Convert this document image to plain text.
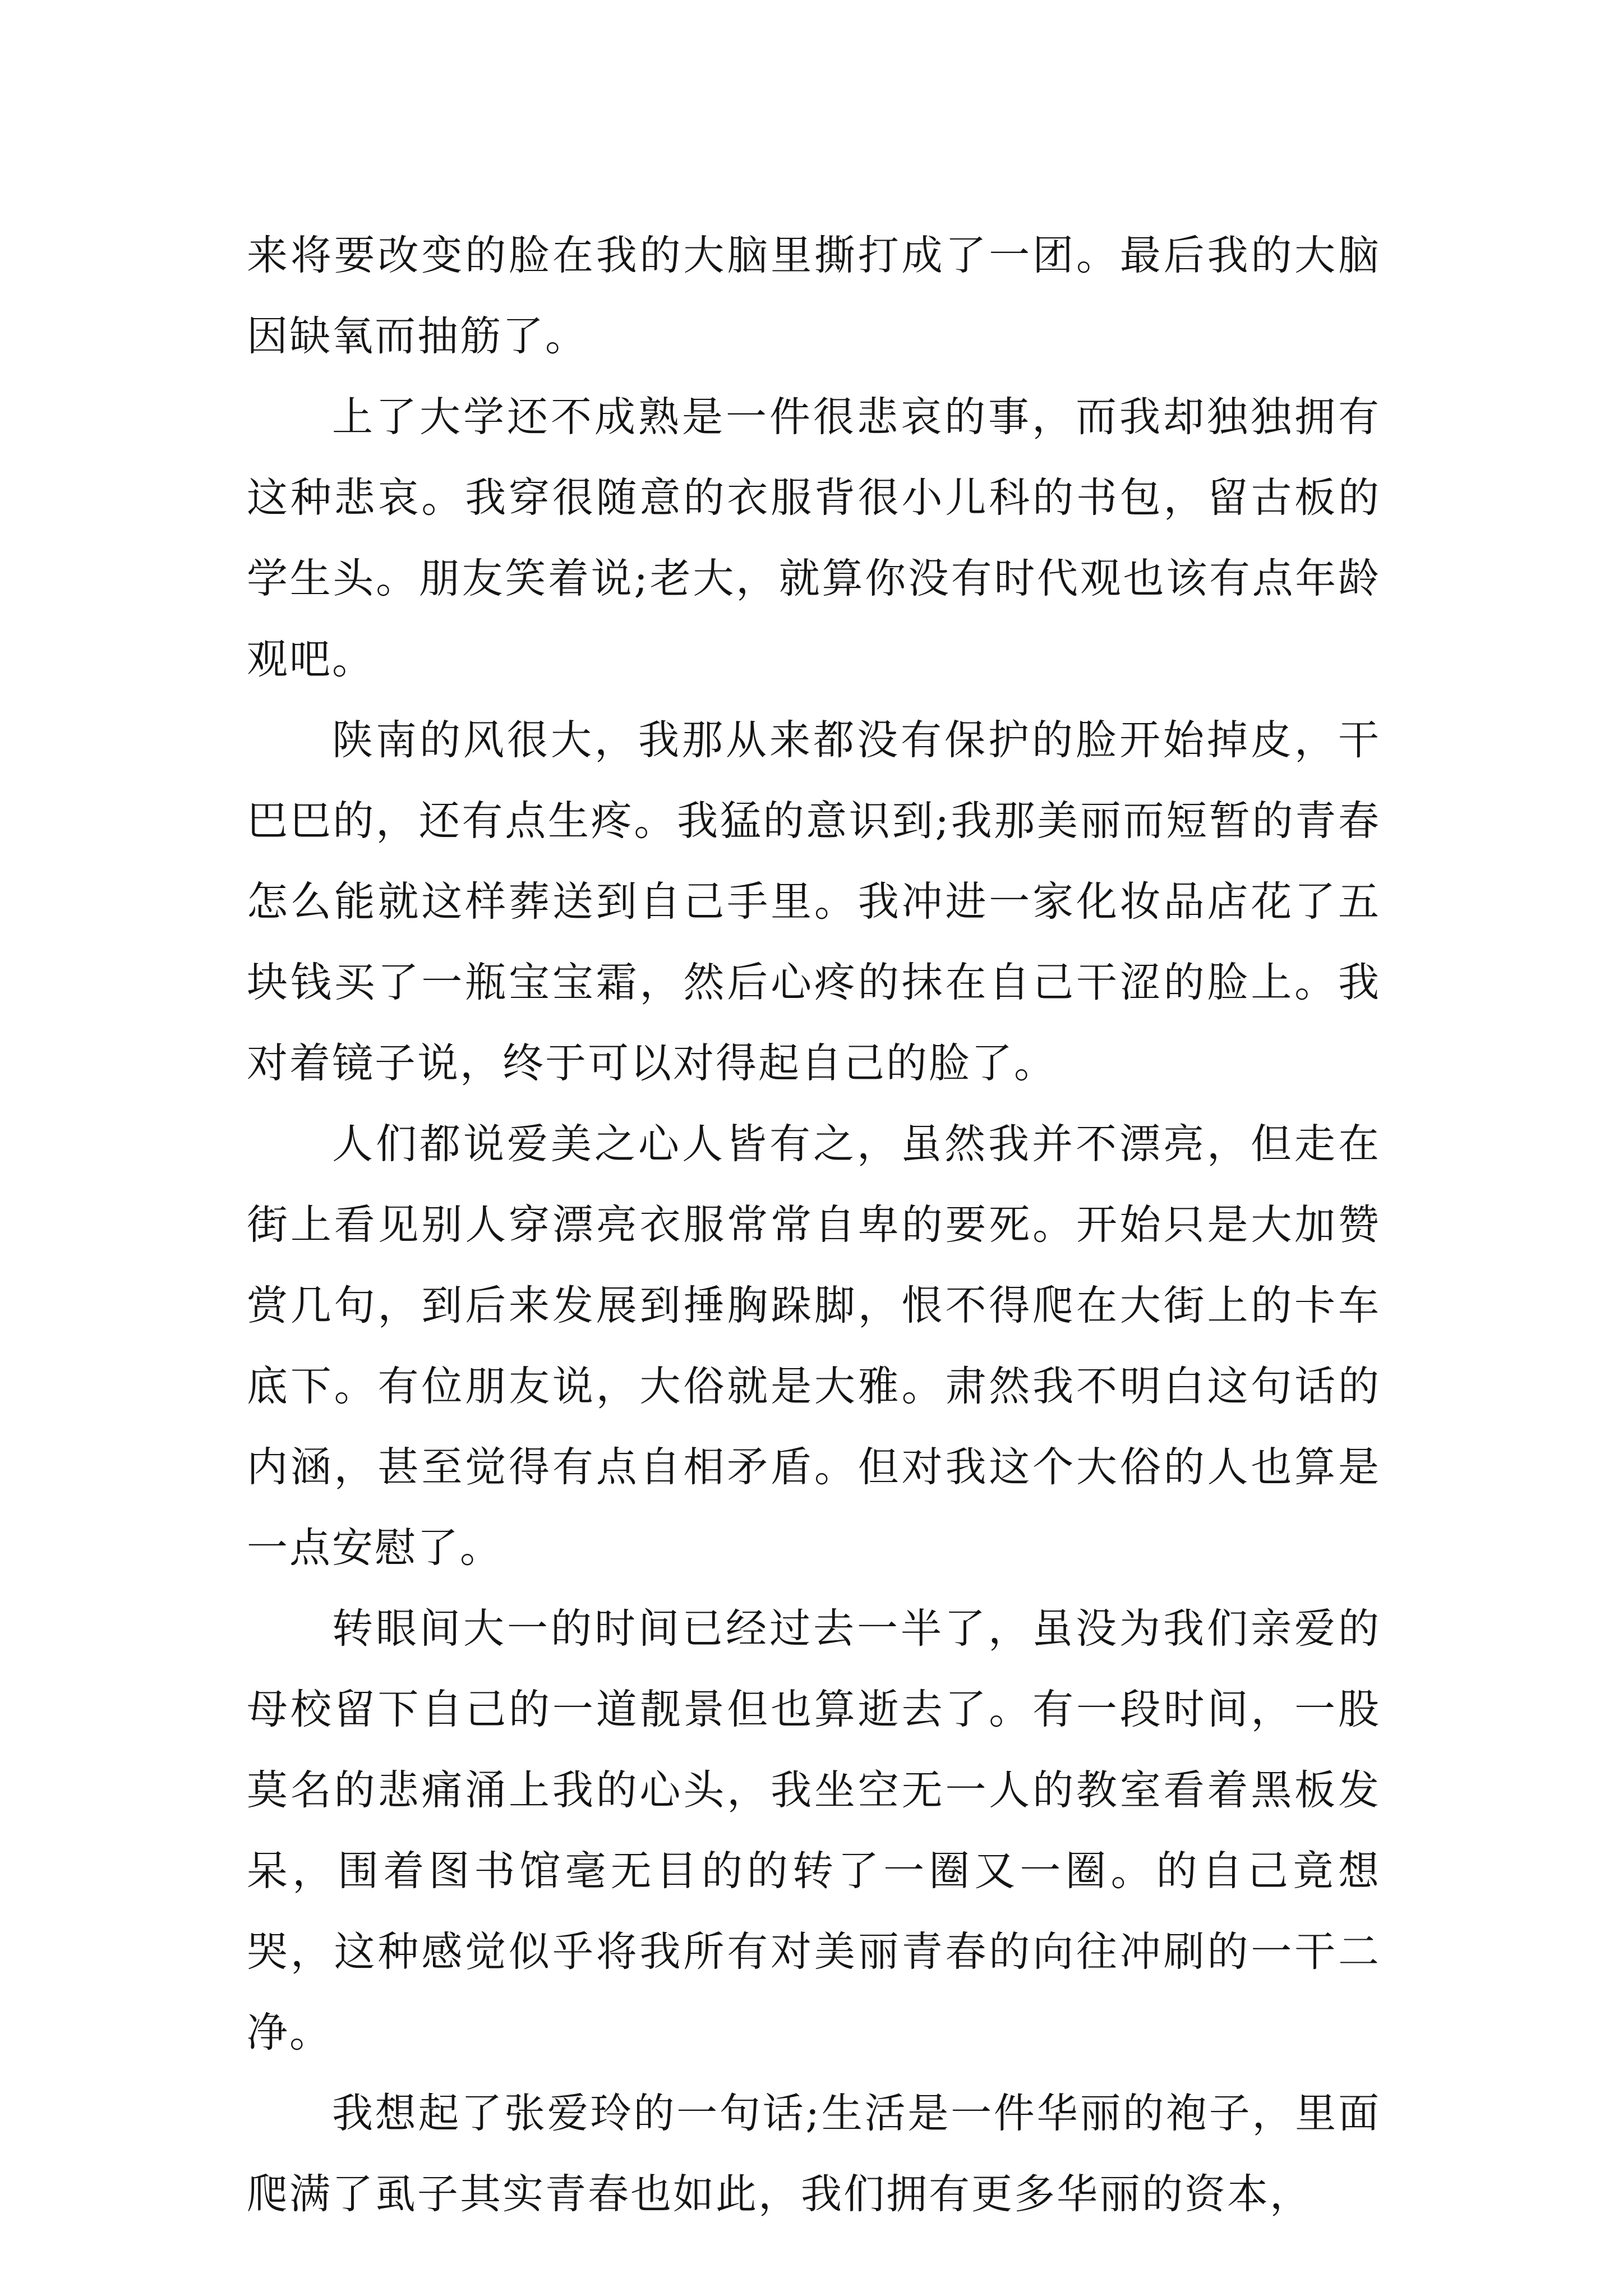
来将要改变的脸在我的大脑里撕打成了一团。最后我的大脑因缺氧而抽筋了。

上了大学还不成熟是一件很悲哀的事，而我却独独拥有这种悲哀。我穿很随意的衣服背很小儿科的书包，留古板的学生头。朋友笑着说;老大，就算你没有时代观也该有点年龄观吧。

陕南的风很大，我那从来都没有保护的脸开始掉皮，干巴巴的，还有点生疼。我猛的意识到;我那美丽而短暂的青春怎么能就这样葬送到自己手里。我冲进一家化妆品店花了五块钱买了一瓶宝宝霜，然后心疼的抹在自己干涩的脸上。我对着镜子说，终于可以对得起自己的脸了。

人们都说爱美之心人皆有之，虽然我并不漂亮，但走在街上看见别人穿漂亮衣服常常自卑的要死。开始只是大加赞赏几句，到后来发展到捶胸跺脚，恨不得爬在大街上的卡车底下。有位朋友说，大俗就是大雅。肃然我不明白这句话的内涵，甚至觉得有点自相矛盾。但对我这个大俗的人也算是一点安慰了。

转眼间大一的时间已经过去一半了，虽没为我们亲爱的母校留下自己的一道靓景但也算逝去了。有一段时间，一股莫名的悲痛涌上我的心头，我坐空无一人的教室看着黑板发呆，围着图书馆毫无目的的转了一圈又一圈。的自己竟想哭，这种感觉似乎将我所有对美丽青春的向往冲刷的一干二净。

我想起了张爱玲的一句话;生活是一件华丽的袍子，里面爬满了虱子其实青春也如此，我们拥有更多华丽的资本，
